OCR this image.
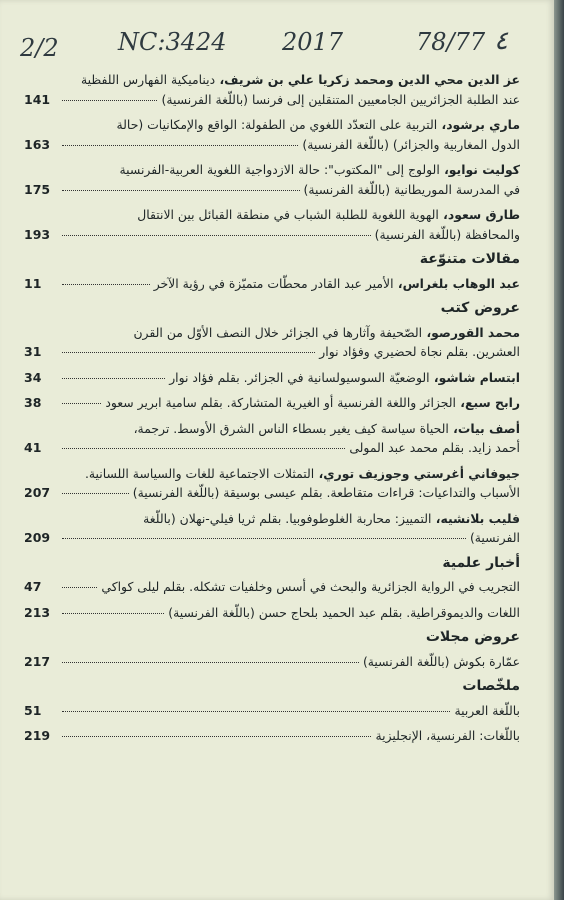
2/2 NC:3424 2017	78/77 ٤
عز الدين محي الدين ومحمد زكريا علي بن شريف، ديناميكية الفهارس اللفظية
عند الطلبة الجزائريين الجامعيين المتنقلين إلى فرنسا (باللّغة الفرنسية)
141
ماري برشود، التربية على التعدّد اللغوي من الطفولة: الواقع والإمكانيات (حالة
الدول المغاربية والجزائر) (باللّغة الفرنسية)
163
كوليت نوايو، الولوج إلى "المكتوب": حالة الازدواجية اللغوية العربية-الفرنسية
في المدرسة الموريطانية (باللّغة الفرنسية)
175
طارق سعود، الهوية اللغوية للطلبة الشباب في منطقة القبائل بين الانتقال
والمحافظة (باللّغة الفرنسية)
193
مقالات متنوّعة
عبد الوهاب بلغراس، الأمير عبد القادر محطّات متميّزة في رؤية الآخر
11
عروض كتب
محمد القورصو، الصّحيفة وآثارها في الجزائر خلال النصف الأوّل من القرن
العشرين. بقلم نجاة لحضيري وفؤاد نوار
31
ابتسام شاشو، الوضعيّة السوسيولسانية في الجزائر. بقلم فؤاد نوار
34
رابح سبع، الجزائر واللغة الفرنسية أو الغيرية المتشاركة. بقلم سامية ابرير سعود
38
أصف بيات، الحياة سياسة كيف يغير بسطاء الناس الشرق الأوسط. ترجمة،
أحمد زايد. بقلم محمد عبد المولى
41
جيوفاني أغرستي وجوزيف توري، التمثلات الاجتماعية للغات والسياسة اللسانية.
الأسباب والتداعيات: قراءات متقاطعة. بقلم عيسى بوسيقة (باللّغة الفرنسية)
207
فليب بلانشيه، التمييز: محاربة الغلوطوفوبيا. بقلم ثريا فيلي-نهلان (باللّغة
الفرنسية)
209
أخبار علمية
التجريب في الرواية الجزائرية والبحث في أسس وخلفيات تشكله. بقلم ليلى كواكي
47
اللغات والديموقراطية. بقلم عبد الحميد بلحاج حسن (باللّغة الفرنسية)
213
عروض مجلات
عمّارة بكوش (باللّغة الفرنسية)
217
ملخّصات
باللّغة العربية
51
باللّغات: الفرنسية، الإنجليزية
219
